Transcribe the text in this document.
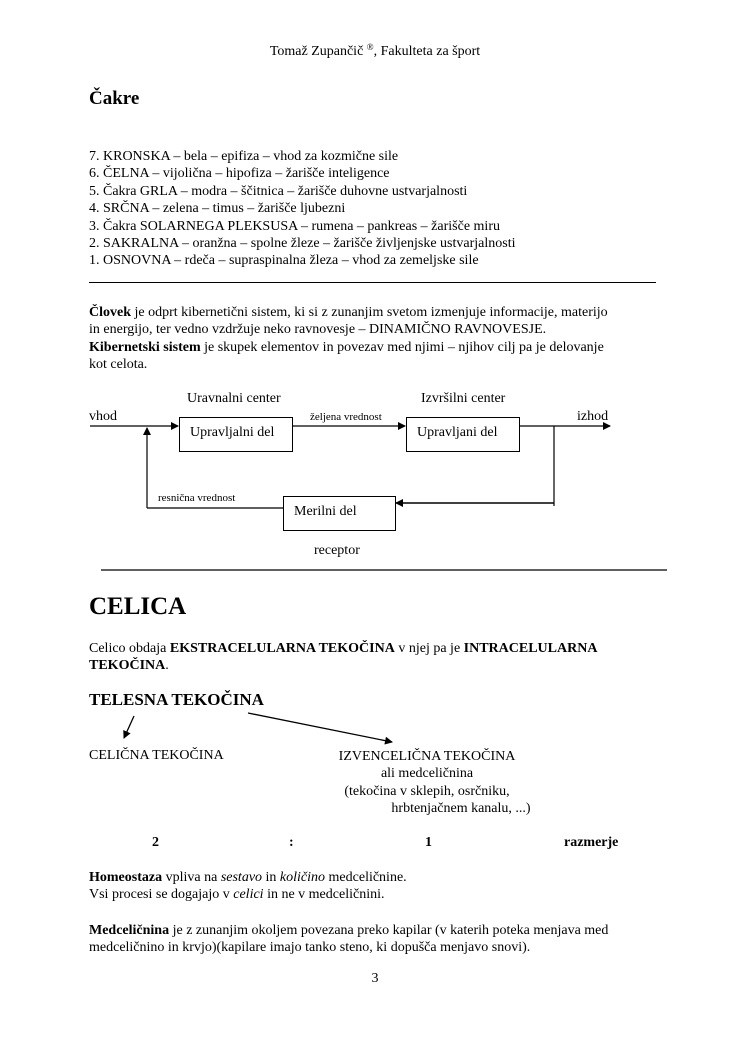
Tomaž Zupančič ®, Fakulteta za šport
Čakre
7. KRONSKA – bela – epifiza – vhod za kozmične sile
6. ČELNA – vijolična – hipofiza – žarišče inteligence
5. Čakra GRLA – modra – ščitnica – žarišče duhovne ustvarjalnosti
4. SRČNA – zelena – timus – žarišče ljubezni
3. Čakra SOLARNEGA PLEKSUSA – rumena – pankreas – žarišče miru
2. SAKRALNA – oranžna – spolne žleze – žarišče življenjske ustvarjalnosti
1. OSNOVNA – rdeča – supraspinalna žleza – vhod za zemeljske sile
Človek je odprt kibernetični sistem, ki si z zunanjim svetom izmenjuje informacije, materijo
in energijo, ter vedno vzdržuje neko ravnovesje – DINAMIČNO RAVNOVESJE.
Kibernetski sistem je skupek elementov in povezav med njimi – njihov cilj pa je delovanje
kot celota.
Uravnalni center	Izvršilni center
vhod	izhod
željena vrednost
Upravljalni del	Upravljani del
resnična vrednost
Merilni del
receptor
CELICA
Celico obdaja EKSTRACELULARNA TEKOČINA v njej pa je INTRACELULARNA
TEKOČINA.
TELESNA TEKOČINA
CELIČNA TEKOČINA	IZVENCELIČNA TEKOČINA
ali medceličnina
(tekočina v sklepih, osrčniku,
hrbtenjačnem kanalu, ...)
2	:	1	razmerje
Homeostaza vpliva na sestavo in količino medceličnine.
Vsi procesi se dogajajo v celici in ne v medceličnini.
Medceličnina je z zunanjim okoljem povezana preko kapilar (v katerih poteka menjava med
medceličnino in krvjo)(kapilare imajo tanko steno, ki dopušča menjavo snovi).
3
